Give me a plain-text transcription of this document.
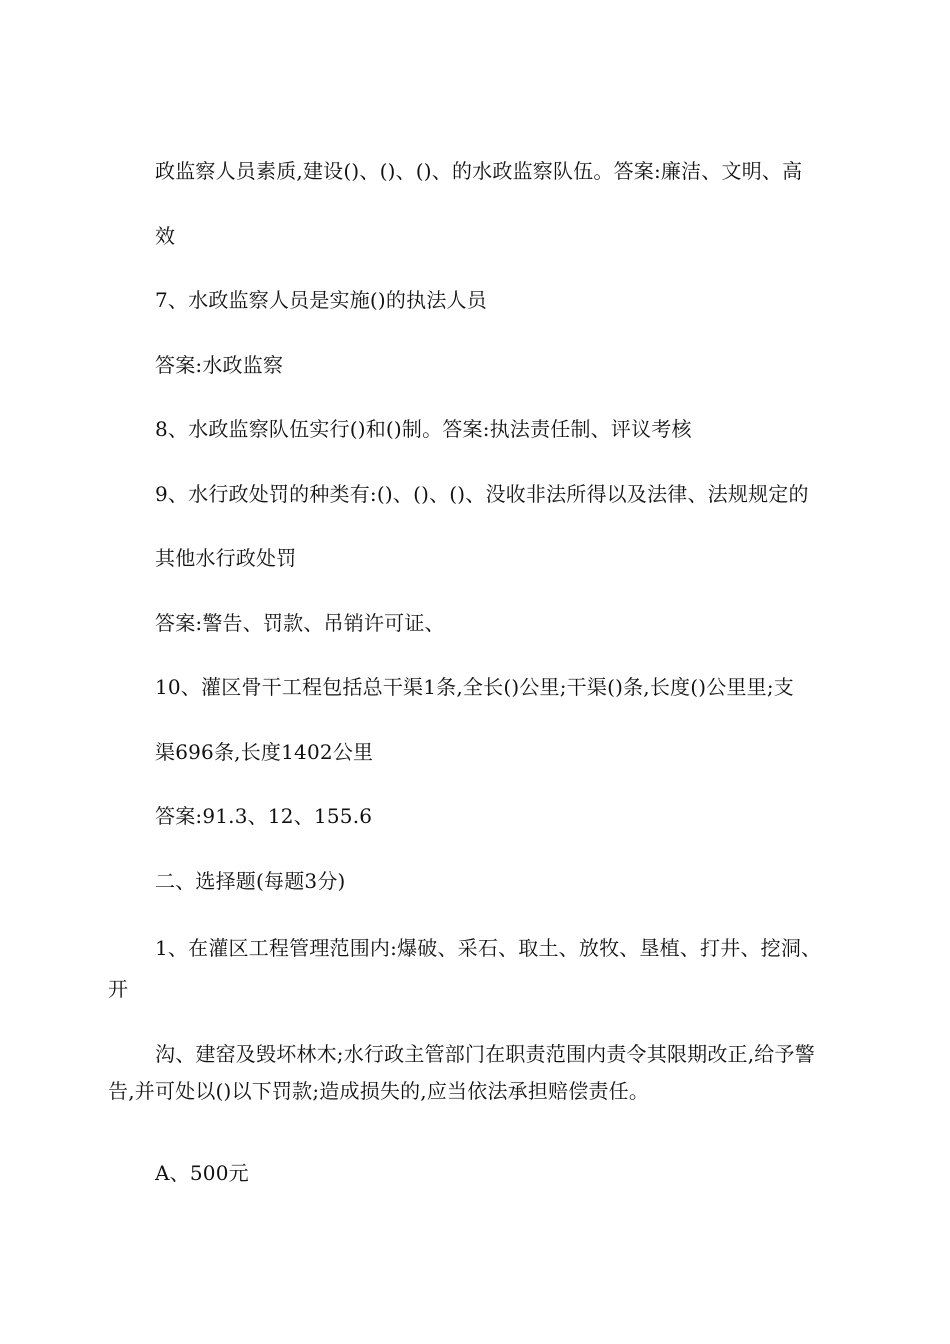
政监察人员素质,建设()、()、()、的水政监察队伍。答案:廉洁、文明、高
效
7、水政监察人员是实施()的执法人员
答案:水政监察
8、水政监察队伍实行()和()制。答案:执法责任制、评议考核
9、水行政处罚的种类有:()、()、()、没收非法所得以及法律、法规规定的
其他水行政处罚
答案:警告、罚款、吊销许可证、
10、灌区骨干工程包括总干渠1条,全长()公里;干渠()条,长度()公里里;支
渠696条,长度1402公里
答案:91.3、12、155.6
二、选择题(每题3分)
1、在灌区工程管理范围内:爆破、采石、取土、放牧、垦植、打井、挖洞、
开
沟、建窑及毁坏林木;水行政主管部门在职责范围内责令其限期改正,给予警
告,并可处以()以下罚款;造成损失的,应当依法承担赔偿责任。
A、500元
